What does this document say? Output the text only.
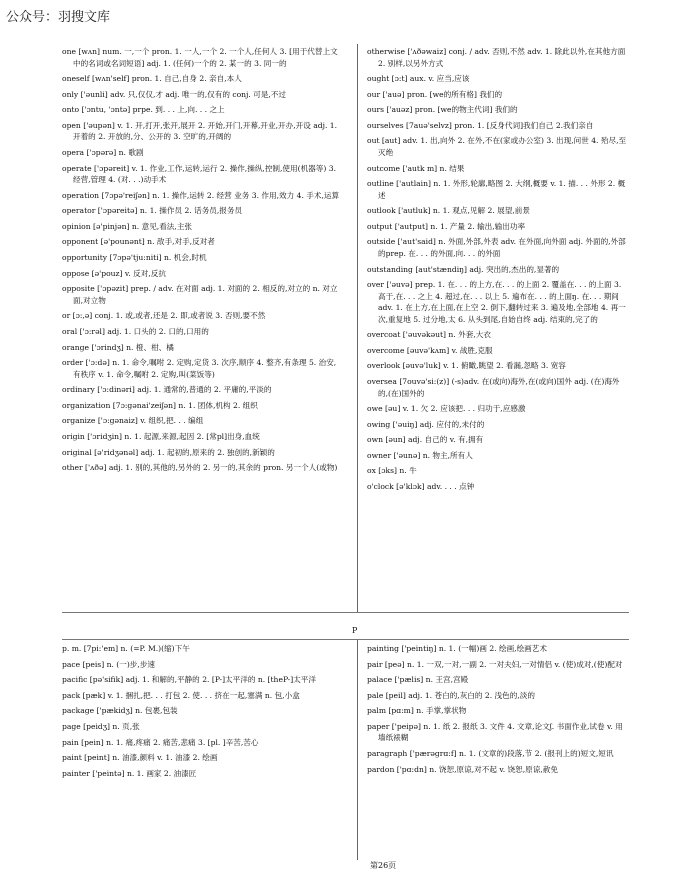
公众号：羽搜文库
one [wʌn] num. 一,一个 pron. 1. 一人,一个 2. 一个人,任何人 3. [用于代替上文中的名词或名词短语] adj. 1. (任何)一个的 2. 某一的 3. 同一的
oneself [wʌn'self] pron. 1. 自己,自身 2. 亲自,本人
only ['əunli] adv. 只,仅仅,才 adj. 唯一的,仅有的 conj. 可是,不过
onto ['ɔntu, 'ɔntə] prpe. 到. . . 上,向. . . 之上
open ['əupən] v. 1. 开,打开,张开,展开 2. 开始,开门,开幕,开业,开办,开设 adj. 1. 开着的 2. 开放的,分、公开的 3. 空旷的,开阔的
opera ['ɔpərə] n. 歌剧
operate ['ɔpəreit] v. 1. 作业,工作,运转,运行 2. 操作,操纵,控制,使用(机器等) 3. 经营,管理 4. (对. . .)动手术
operation [7ɔpə'reiʃən] n. 1. 操作,运转 2. 经营 业务 3. 作用,效力 4. 手术,运算
operator ['ɔpəreitə] n. 1. 操作员 2. 话务员,报务员
opinion [ə'pinjən] n. 意见,看法,主张
opponent [ə'pounənt] n. 敌手,对手,反对者
opportunity [7ɔpə'tju:niti] n. 机会,时机
oppose [ə'pouz] v. 反对,反抗
opposite ['ɔpəzit] prep. / adv. 在对面 adj. 1. 对面的 2. 相反的,对立的 n. 对立面,对立物
or [ɔ:,ə] conj. 1. 或,或者,还是 2. 即,或者说 3. 否则,要不然
oral ['ɔ:rəl] adj. 1. 口头的 2. 口的,口用的
orange ['ɔrindʒ] n. 橙、柑、橘
order ['ɔ:də] n. 1. 命令,嘱咐 2. 定购,定货 3. 次序,顺序 4. 整齐,有条理 5. 治安,有秩序 v. 1. 命令,嘱咐 2. 定购,叫(菜饭等)
ordinary ['ɔ:dinəri] adj. 1. 通常的,普通的 2. 平庸的,平淡的
organization [7ɔ:gənai'zeiʃən] n. 1. 团体,机构 2. 组织
organize ['ɔ:gənaiz] v. 组织,把. . . 编组
origin ['ɔridʒin] n. 1. 起源,来源,起因 2. [常pl]出身,血统
original [ə'ridʒənəl] adj. 1. 起初的,原来的 2. 独创的,新颖的
other ['ʌðə] adj. 1. 别的,其他的,另外的 2. 另一的,其余的 pron. 另一个人(或物)
otherwise ['ʌðəwaiz] conj. / adv. 否则,不然 adv. 1. 除此以外,在其他方面 2. 别样,以另外方式
ought [ɔ:t] aux. v. 应当,应该
our ['auə] pron. [we的所有格] 我们的
ours ['auəz] pron. [we的物主代词] 我们的
ourselves [7auə'selvz] pron. 1. [反身代词]我们自己 2.我们亲自
out [aut] adv. 1. 出,向外 2. 在外,不在(家或办公室) 3. 出现,问世 4. 殆尽,至灭绝
outcome ['autk m] n. 结果
outline ['autlain] n. 1. 外形,轮廓,略图 2. 大纲,概要 v. 1. 描. . . 外形 2. 概述
outlook ['autluk] n. 1. 观点,见解 2. 展望,前景
output ['autput] n. 1. 产量 2. 输出,输出功率
outside ['aut'said] n. 外面,外部,外表 adv. 在外面,向外面 adj. 外面的,外部的prep. 在. . . 的外面,向. . . 的外面
outstanding [aut'stændiŋ] adj. 突出的,杰出的,显著的
over ['əuvə] prep. 1. 在. . . 的上方,在. . . 的上面 2. 覆盖在. . . 的上面 3. 高于,在. . . 之上 4. 超过,在. . . 以上 5. 遍布在. . . 的上面ŋ. 在. . . 期间 adv. 1. 在上方,在上面,在上空 2. 倒下,翻转过来 3. 遍及地,全部地 4. 再一次,重复地 5. 过分地,太 6. 从头到尾,自始自终 adj. 结束的,完了的
overcoat ['əuvəkəut] n. 外套,大衣
overcome [əuvə'kʌm] v. 战胜,克服
overlook [əuvə'luk] v. 1. 俯瞰,眺望 2. 看漏,忽略 3. 宽容
oversea [7ouvə'si:(z)] (-s)adv. 在(或向)海外,在(或向)国外 adj. (在)海外的,(在)国外的
owe [əu] v. 1. 欠 2. 应该把. . . 归功于,应感激
owing ['əuiŋ] adj. 应付的,未付的
own [əun] adj. 自己的 v. 有,拥有
owner ['əunə] n. 物主,所有人
ox [ɔks] n. 牛
o'clock [ə'klɔk] adv. . . . 点钟
P
p. m. [7pi:'em] n. (=P. M.)(缩)下午
pace [peis] n. (一)步,步速
pacific [pə'sifik] adj. 1. 和解的,平静的 2. [P-]太平洋的 n. [theP-]太平洋
pack [pæk] v. 1. 捆扎,把. . . 打包 2. 使. . . 挤在一起,塞满 n. 包,小盒
package ['pækidʒ] n. 包裹,包装
page [peidʒ] n. 页,张
pain [pein] n. 1. 痛,疼痛 2. 痛苦,悲痛 3. [pl. ]辛苦,苦心
paint [peint] n. 油漆,颜料 v. 1. 油漆 2. 绘画
painter ['peintə] n. 1. 画家 2. 油漆匠
painting ['peintiŋ] n. 1. (一幅)画 2. 绘画,绘画艺术
pair [peə] n. 1. 一双,一对,一副 2. 一对夫妇,一对情侣 v. (使)成对,(使)配对
palace ['pælis] n. 王宫,宫殿
pale [peil] adj. 1. 苍白的,灰白的 2. 浅色的,淡的
palm [pɑ:m] n. 手掌,掌状物
paper ['peipə] n. 1. 纸 2. 报纸 3. 文件 4. 文章,论文ʃ. 书面作业,试卷 v. 用墙纸裱糊
paragraph ['pærəgrɑ:f] n. 1. (文章的)段落,节 2. (报刊上的)短文,短讯
pardon ['pɑ:dn] n. 饶恕,原谅,对不起 v. 饶恕,原谅,赦免
第26页
